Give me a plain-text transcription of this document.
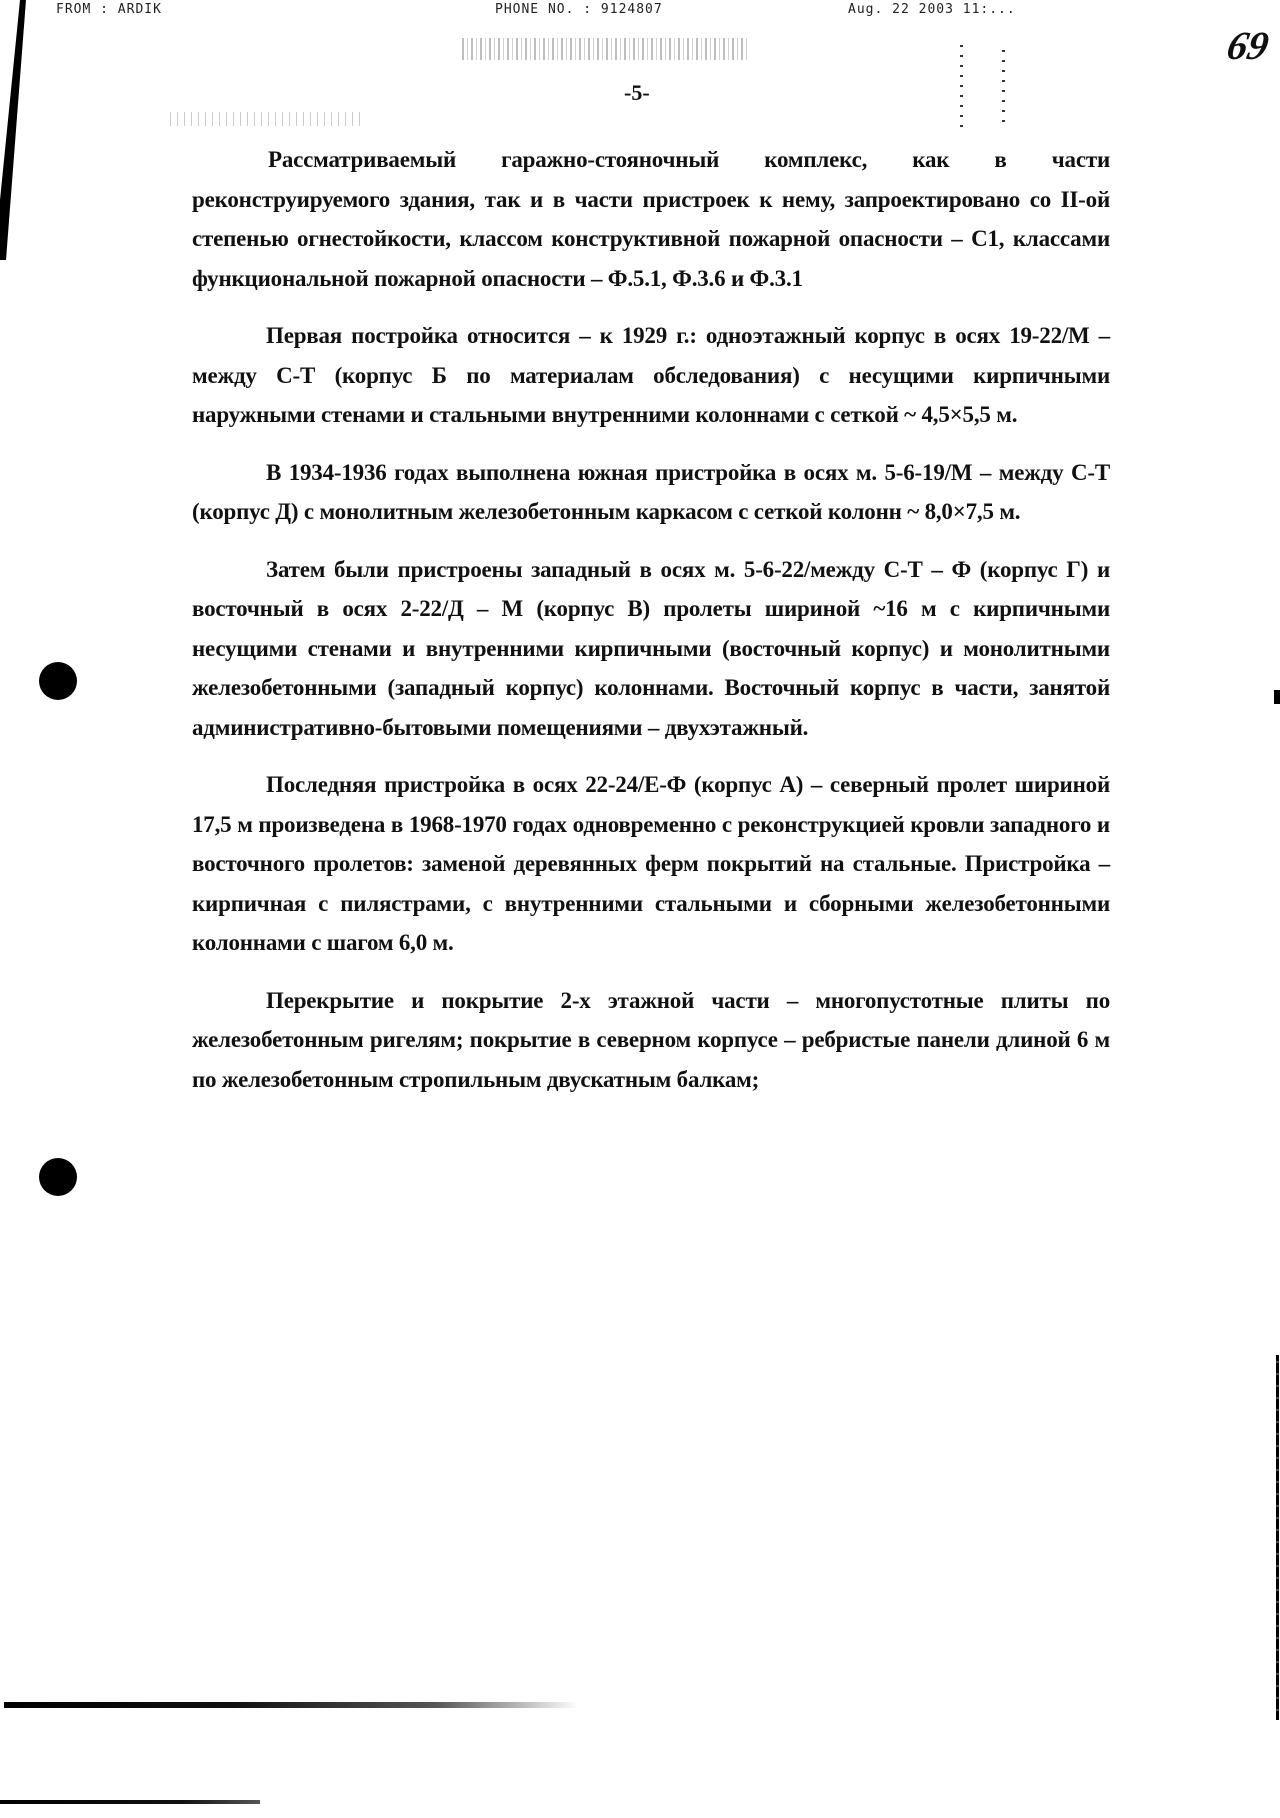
FROM : ARDIK	PHONE NO. : 9124807	Aug. 22 2003 11:...
-5-
69

Рассматриваемый гаражно-стояночный комплекс, как в части реконструируемого здания, так и в части пристроек к нему, запроектировано со II-ой степенью огнестойкости, классом конструктивной пожарной опасности – С1, классами функциональной пожарной опасности – Ф.5.1, Ф.3.6 и Ф.3.1

Первая постройка относится – к 1929 г.: одноэтажный корпус в осях 19-22/М – между С-Т (корпус Б по материалам обследования) с несущими кирпичными наружными стенами и стальными внутренними колоннами с сеткой ~ 4,5×5,5 м.

В 1934-1936 годах выполнена южная пристройка в осях м. 5-6-19/М – между С-Т (корпус Д) с монолитным железобетонным каркасом с сеткой колонн ~ 8,0×7,5 м.

Затем были пристроены западный в осях м. 5-6-22/между С-Т – Ф (корпус Г) и восточный в осях 2-22/Д – М (корпус В) пролеты шириной ~16 м с кирпичными несущими стенами и внутренними кирпичными (восточный корпус) и монолитными железобетонными (западный корпус) колоннами. Восточный корпус в части, занятой административно-бытовыми помещениями – двухэтажный.

Последняя пристройка в осях 22-24/Е-Ф (корпус А) – северный пролет шириной 17,5 м произведена в 1968-1970 годах одновременно с реконструкцией кровли западного и восточного пролетов: заменой деревянных ферм покрытий на стальные. Пристройка – кирпичная с пилястрами, с внутренними стальными и сборными железобетонными колоннами с шагом 6,0 м.

Перекрытие и покрытие 2-х этажной части – многопустотные плиты по железобетонным ригелям; покрытие в северном корпусе – ребристые панели длиной 6 м по железобетонным стропильным двускатным балкам;
